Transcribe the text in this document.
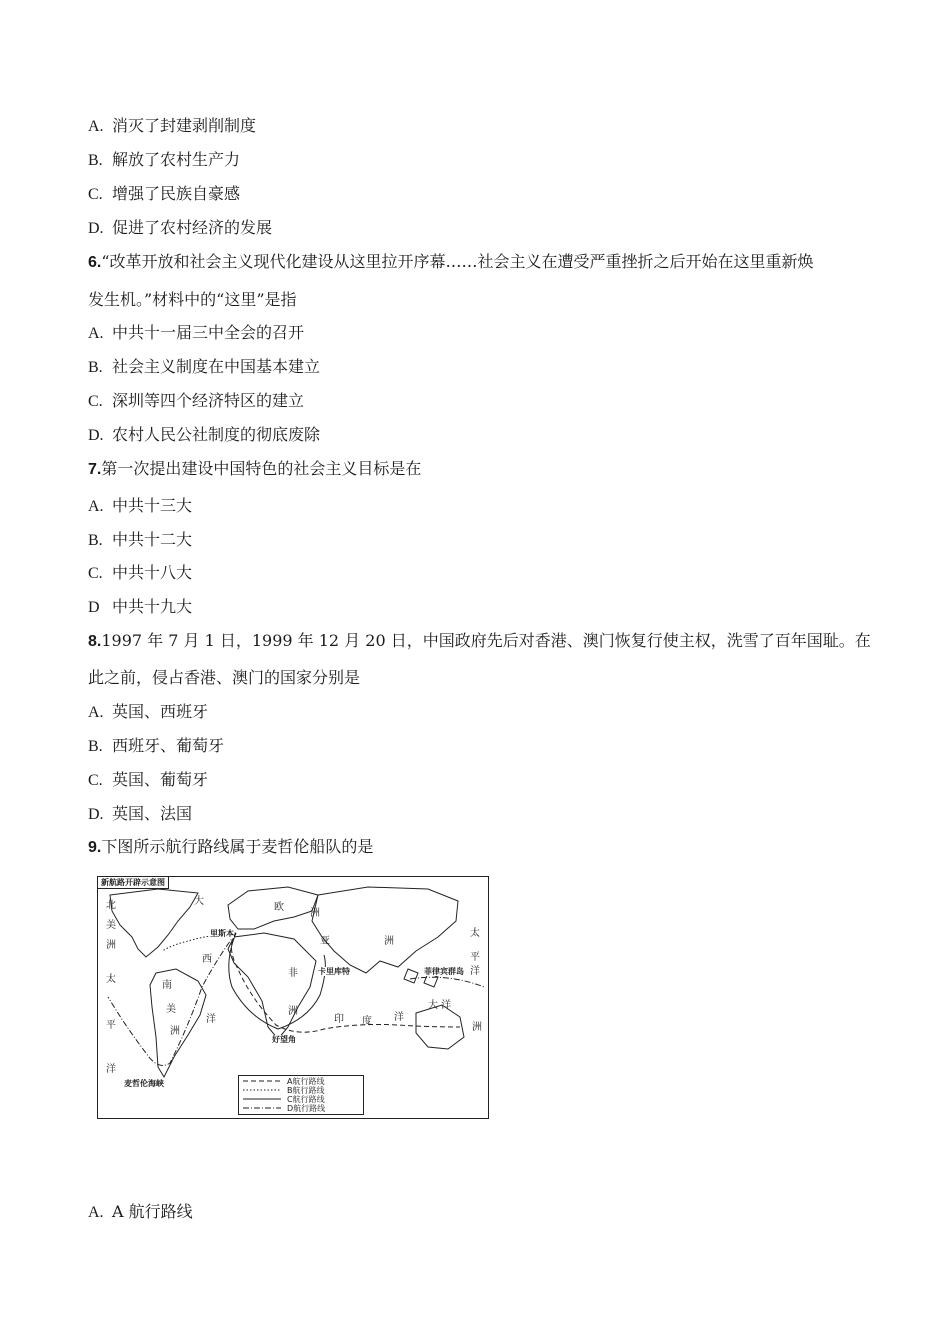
A. 消灭了封建剥削制度
B. 解放了农村生产力
C. 增强了民族自豪感
D. 促进了农村经济的发展
6.“改革开放和社会主义现代化建设从这里拉开序幕……社会主义在遭受严重挫折之后开始在这里重新焕
发生机。”材料中的“这里”是指
A. 中共十一届三中全会的召开
B. 社会主义制度在中国基本建立
C. 深圳等四个经济特区的建立
D. 农村人民公社制度的彻底废除
7.第一次提出建设中国特色的社会主义目标是在
A. 中共十三大
B. 中共十二大
C. 中共十八大
D 中共十九大
8.1997 年 7 月 1 日，1999 年 12 月 20 日，中国政府先后对香港、澳门恢复行使主权，洗雪了百年国耻。在
此之前，侵占香港、澳门的国家分别是
A. 英国、西班牙
B. 西班牙、葡萄牙
C. 英国、葡萄牙
D. 英国、法国
9.下图所示航行路线属于麦哲伦船队的是
新航路开辟示意图
北
美
洲
太
平
洋
大
西
洋
南
美
洲
欧
洲
亚	洲
非
洲
印 度 洋
太
平
洋
大 洋
洲
里斯本
卡里库特	菲律宾群岛
好望角
麦哲伦海峡	A航行路线
B航行路线
C航行路线
D航行路线
A. A 航行路线
